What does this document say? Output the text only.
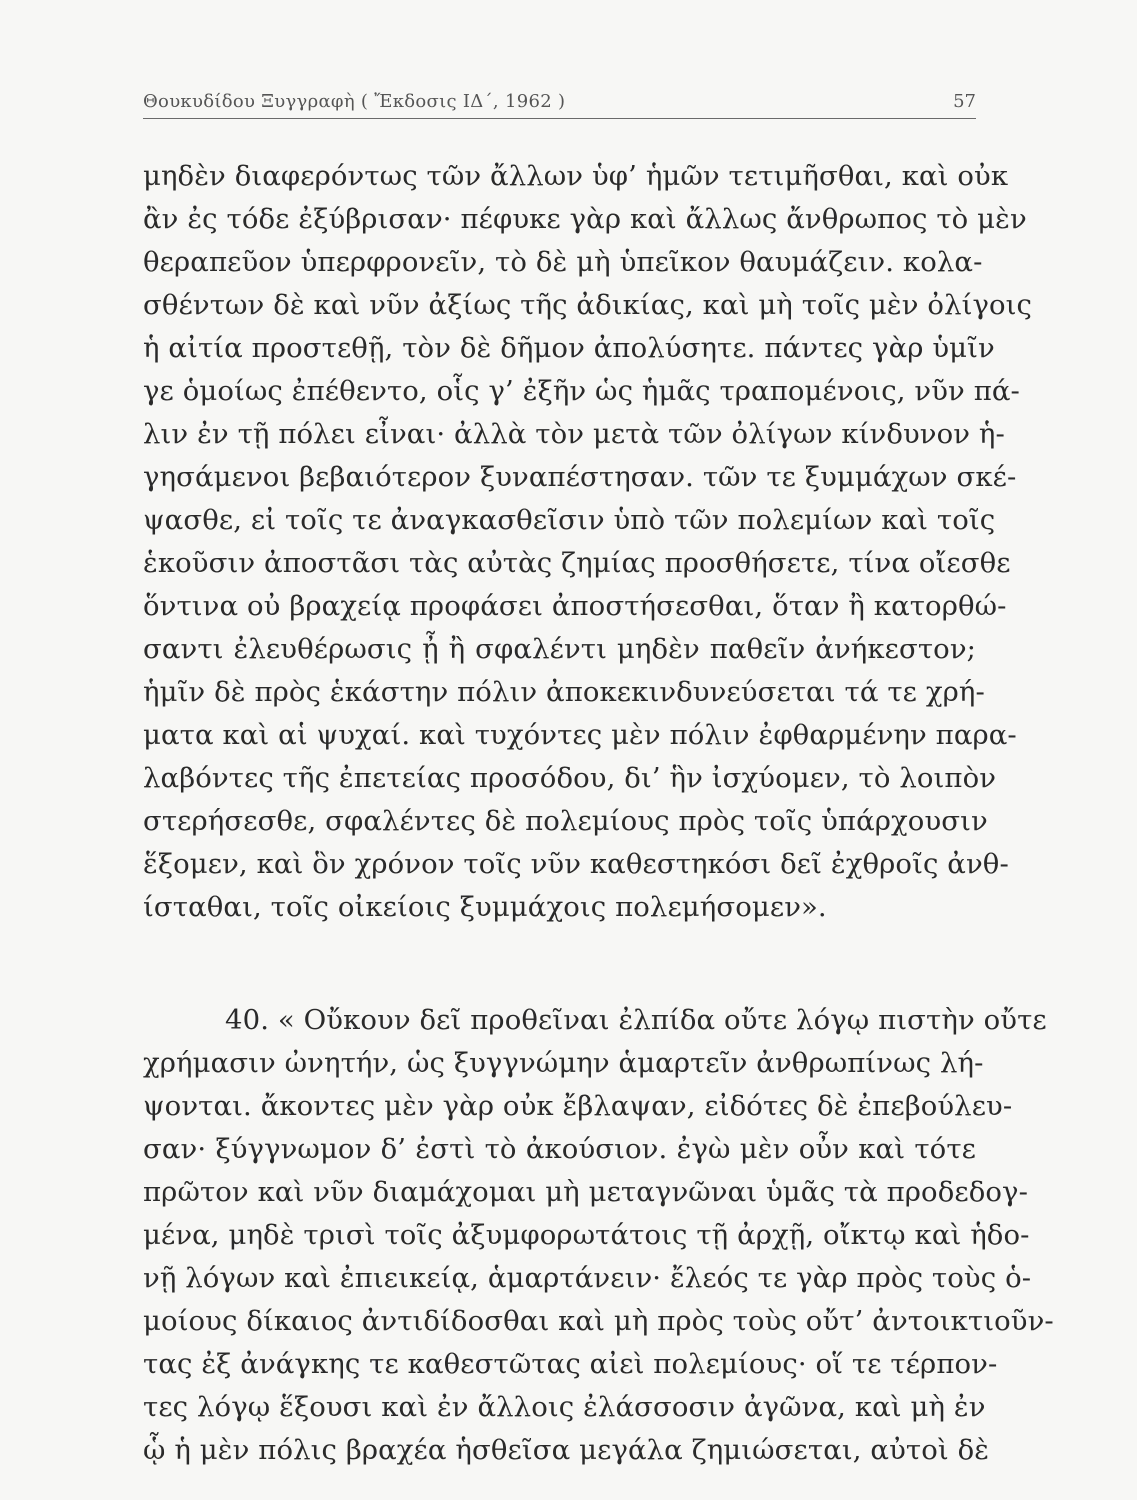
Θουκυδίδου Ξυγγραφὴ ( Ἔκδοσις ΙΔ΄, 1962 )	57
μηδὲν διαφερόντως τῶν ἄλλων ὑφ’ ἡμῶν τετιμῆσθαι, καὶ οὐκ
ἂν ἐς τόδε ἐξύβρισαν· πέφυκε γὰρ καὶ ἄλλως ἄνθρωπος τὸ μὲν
θεραπεῦον ὑπερφρονεῖν, τὸ δὲ μὴ ὑπεῖκον θαυμάζειν. κολα-
σθέντων δὲ καὶ νῦν ἀξίως τῆς ἀδικίας, καὶ μὴ τοῖς μὲν ὀλίγοις
ἡ αἰτία προστεθῇ, τὸν δὲ δῆμον ἀπολύσητε. πάντες γὰρ ὑμῖν
γε ὁμοίως ἐπέθεντο, οἷς γ’ ἐξῆν ὡς ἡμᾶς τραπομένοις, νῦν πά-
λιν ἐν τῇ πόλει εἶναι· ἀλλὰ τὸν μετὰ τῶν ὀλίγων κίνδυνον ἡ-
γησάμενοι βεβαιότερον ξυναπέστησαν. τῶν τε ξυμμάχων σκέ-
ψασθε, εἰ τοῖς τε ἀναγκασθεῖσιν ὑπὸ τῶν πολεμίων καὶ τοῖς
ἑκοῦσιν ἀποστᾶσι τὰς αὐτὰς ζημίας προσθήσετε, τίνα οἴεσθε
ὅντινα οὐ βραχείᾳ προφάσει ἀποστήσεσθαι, ὅταν ἢ κατορθώ-
σαντι ἐλευθέρωσις ᾖ ἢ σφαλέντι μηδὲν παθεῖν ἀνήκεστον;
ἡμῖν δὲ πρὸς ἑκάστην πόλιν ἀποκεκινδυνεύσεται τά τε χρή-
ματα καὶ αἱ ψυχαί. καὶ τυχόντες μὲν πόλιν ἐφθαρμένην παρα-
λαβόντες τῆς ἐπετείας προσόδου, δι’ ἣν ἰσχύομεν, τὸ λοιπὸν
στερήσεσθε, σφαλέντες δὲ πολεμίους πρὸς τοῖς ὑπάρχουσιν
ἕξομεν, καὶ ὃν χρόνον τοῖς νῦν καθεστηκόσι δεῖ ἐχθροῖς ἀνθ-
ίσταθαι, τοῖς οἰκείοις ξυμμάχοις πολεμήσομεν».
40. « Οὔκουν δεῖ προθεῖναι ἐλπίδα οὔτε λόγῳ πιστὴν οὔτε
χρήμασιν ὠνητήν, ὡς ξυγγνώμην ἁμαρτεῖν ἀνθρωπίνως λή-
ψονται. ἄκοντες μὲν γὰρ οὐκ ἔβλαψαν, εἰδότες δὲ ἐπεβούλευ-
σαν· ξύγγνωμον δ’ ἐστὶ τὸ ἀκούσιον. ἐγὼ μὲν οὖν καὶ τότε
πρῶτον καὶ νῦν διαμάχομαι μὴ μεταγνῶναι ὑμᾶς τὰ προδεδογ-
μένα, μηδὲ τρισὶ τοῖς ἀξυμφορωτάτοις τῇ ἀρχῇ, οἴκτῳ καὶ ἡδο-
νῇ λόγων καὶ ἐπιεικείᾳ, ἁμαρτάνειν· ἔλεός τε γὰρ πρὸς τοὺς ὁ-
μοίους δίκαιος ἀντιδίδοσθαι καὶ μὴ πρὸς τοὺς οὔτ’ ἀντοικτιοῦν-
τας ἐξ ἀνάγκης τε καθεστῶτας αἰεὶ πολεμίους· οἵ τε τέρπον-
τες λόγῳ ἕξουσι καὶ ἐν ἄλλοις ἐλάσσοσιν ἀγῶνα, καὶ μὴ ἐν
ᾧ ἡ μὲν πόλις βραχέα ἡσθεῖσα μεγάλα ζημιώσεται, αὐτοὶ δὲ
